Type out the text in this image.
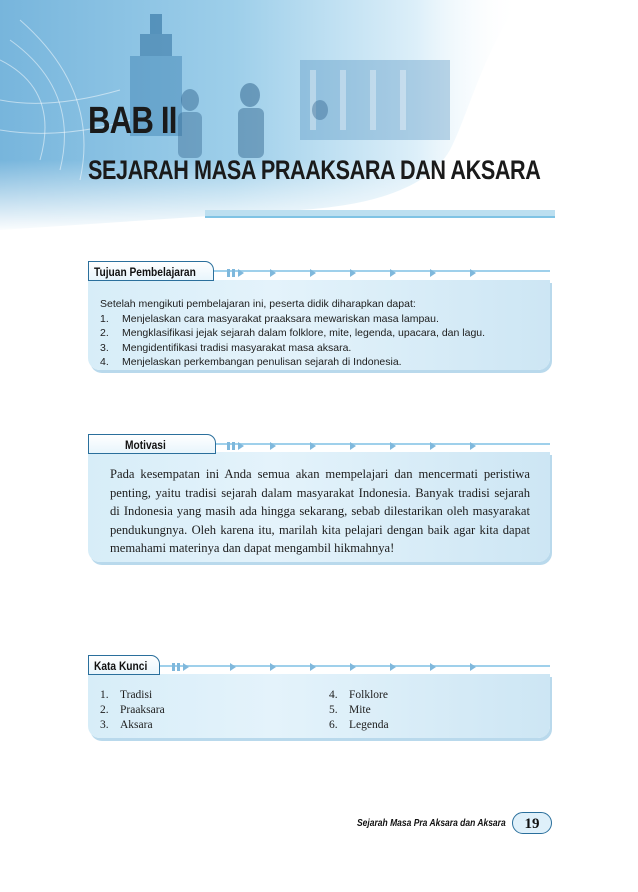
BAB II
SEJARAH MASA PRAAKSARA DAN AKSARA
Tujuan Pembelajaran
Setelah mengikuti pembelajaran ini, peserta didik diharapkan dapat:
1.	Menjelaskan cara masyarakat praaksara mewariskan masa lampau.
2.	Mengklasifikasi jejak sejarah dalam folklore, mite, legenda, upacara, dan lagu.
3.	Mengidentifikasi tradisi masyarakat masa aksara.
4.	Menjelaskan perkembangan penulisan sejarah di Indonesia.
Motivasi
Pada kesempatan ini Anda semua akan mempelajari dan mencermati peristiwa penting, yaitu tradisi sejarah dalam masyarakat Indonesia. Banyak tradisi sejarah di Indonesia yang masih ada hingga sekarang, sebab dilestarikan oleh masyarakat pendukungnya. Oleh karena itu, marilah kita pelajari dengan baik agar kita dapat memahami materinya dan dapat mengambil hikmahnya!
Kata Kunci
1. Tradisi
2. Praaksara
3. Aksara
4. Folklore
5. Mite
6. Legenda
Sejarah Masa Pra Aksara dan Aksara	19
